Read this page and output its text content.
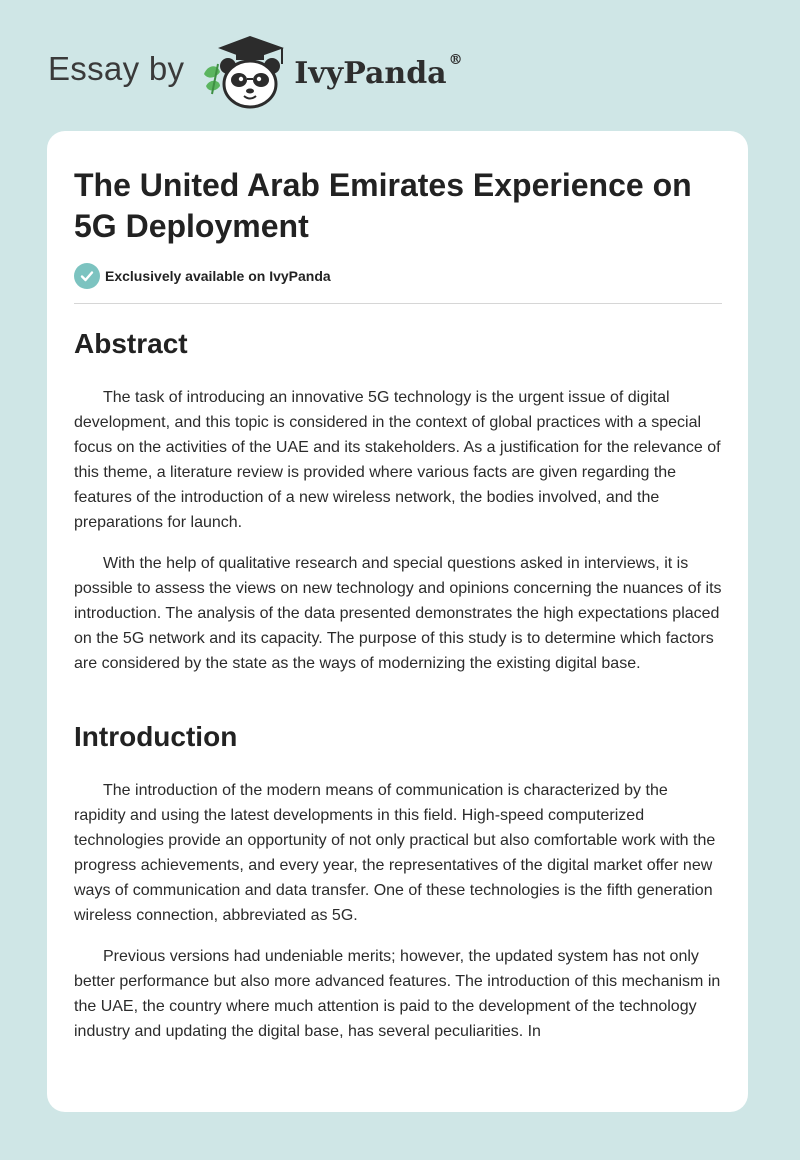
Essay by	IvyPanda ®
The United Arab Emirates Experience on 5G Deployment
Exclusively available on IvyPanda
Abstract

The task of introducing an innovative 5G technology is the urgent issue of digital development, and this topic is considered in the context of global practices with a special focus on the activities of the UAE and its stakeholders. As a justification for the relevance of this theme, a literature review is provided where various facts are given regarding the features of the introduction of a new wireless network, the bodies involved, and the preparations for launch.

With the help of qualitative research and special questions asked in interviews, it is possible to assess the views on new technology and opinions concerning the nuances of its introduction. The analysis of the data presented demonstrates the high expectations placed on the 5G network and its capacity. The purpose of this study is to determine which factors are considered by the state as the ways of modernizing the existing digital base.

Introduction

The introduction of the modern means of communication is characterized by the rapidity and using the latest developments in this field. High-speed computerized technologies provide an opportunity of not only practical but also comfortable work with the progress achievements, and every year, the representatives of the digital market offer new ways of communication and data transfer. One of these technologies is the fifth generation wireless connection, abbreviated as 5G.

Previous versions had undeniable merits; however, the updated system has not only better performance but also more advanced features. The introduction of this mechanism in the UAE, the country where much attention is paid to the development of the technology industry and updating the digital base, has several peculiarities. In
